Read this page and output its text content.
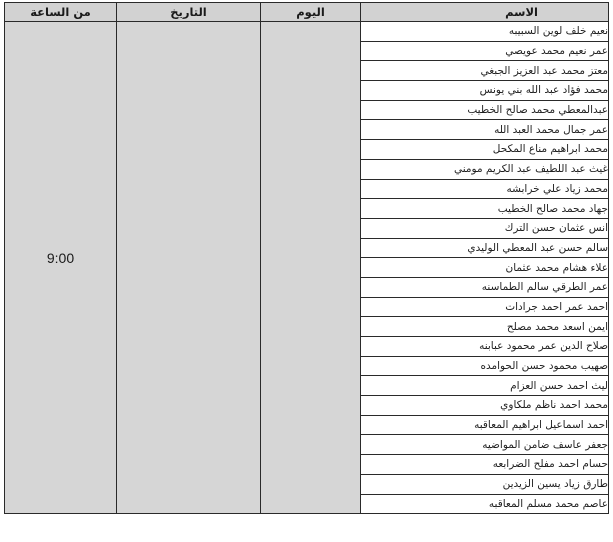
من الساعة	التاريخ	اليوم	الاسم
9:00			نعيم خلف لوين السبيبه
			عمر نعيم محمد عويصي
			معتز محمد عبد العزيز الجبغي
			محمد فؤاد عبد الله بني يونس
			عبدالمعطي محمد صالح الخطيب
			عمر جمال محمد العبد الله
			محمد ابراهيم مناع المكحل
			غيث عبد اللطيف عبد الكريم مومني
			محمد زياد علي خرابشه
			جهاد محمد صالح الخطيب
			انس عثمان حسن الترك
			سالم حسن عبد المعطي الوليدي
			علاء هشام محمد عثمان
			عمر الطرقي سالم الطماسنه
			احمد عمر احمد جرادات
			ايمن اسعد محمد مصلح
			صلاح الدين عمر محمود عبابنه
			صهيب محمود حسن الحوامده
			ليث احمد حسن العزام
			محمد احمد ناظم ملكاوي
			احمد اسماعيل ابراهيم المعاقبه
			جعفر عاسف ضامن المواضيه
			حسام احمد مفلح الضرابعه
			طارق زياد يسين الزيدين
			عاصم محمد مسلم المعاقبه
